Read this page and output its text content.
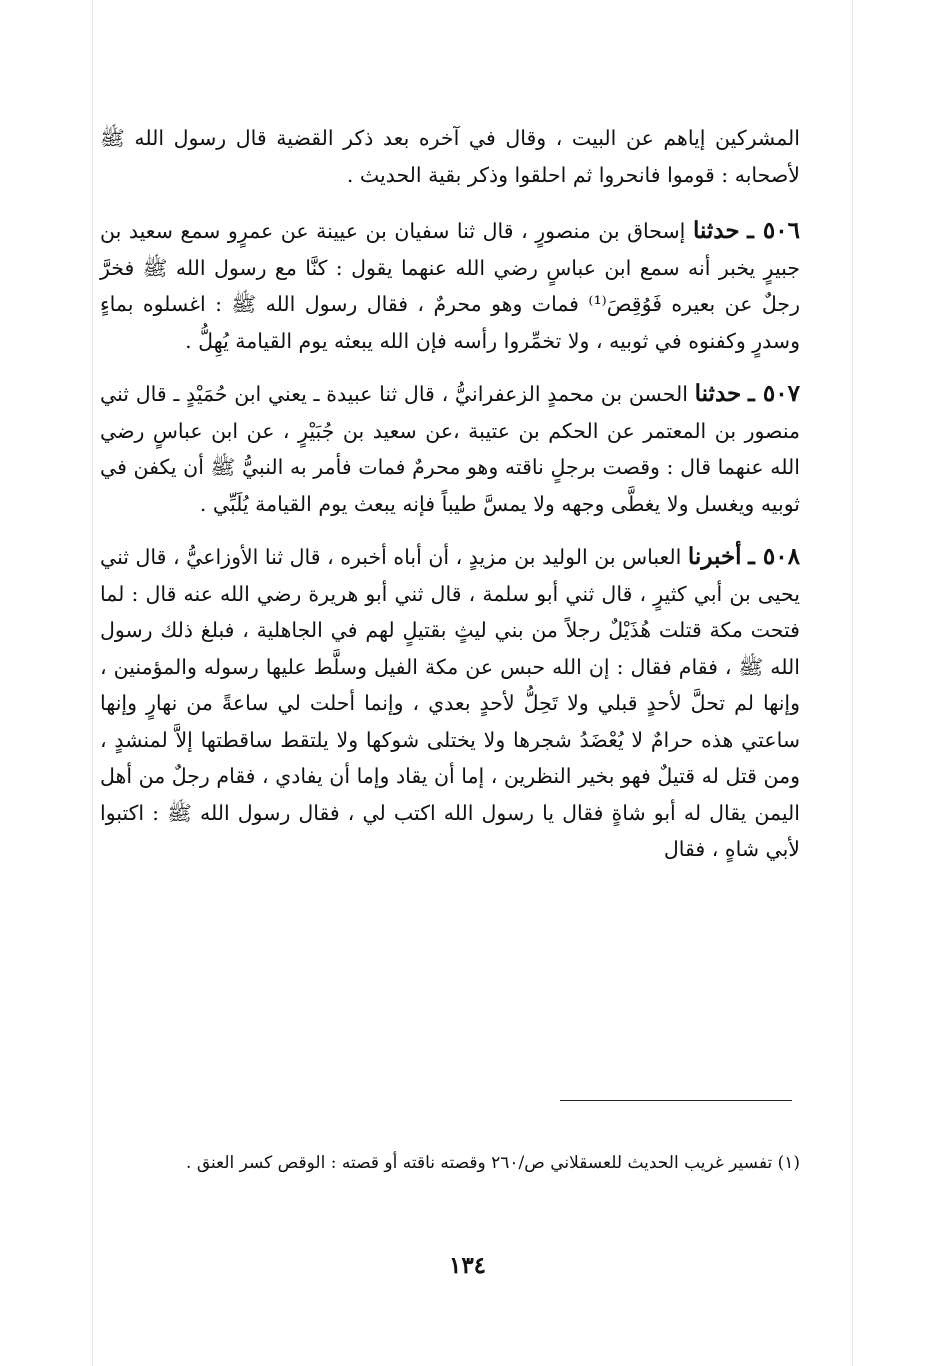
المشركين إياهم عن البيت ، وقال في آخره بعد ذكر القضية قال رسول الله ﷺ لأصحابه : قوموا فانحروا ثم احلقوا وذكر بقية الحديث .

٥٠٦ ـ حدثنا إسحاق بن منصورٍ ، قال ثنا سفيان بن عيينة عن عمرٍو سمع سعيد بن جبيرٍ يخبر أنه سمع ابن عباسٍ رضي الله عنهما يقول : كنَّا مع رسول الله ﷺ فخرَّ رجلٌ عن بعيره فَوُقِصَ⁽¹⁾ فمات وهو محرمٌ ، فقال رسول الله ﷺ : اغسلوه بماءٍ وسدرٍ وكفنوه في ثوبيه ، ولا تخمِّروا رأسه فإن الله يبعثه يوم القيامة يُهِلُّ .

٥٠٧ ـ حدثنا الحسن بن محمدٍ الزعفرانيُّ ، قال ثنا عبيدة ـ يعني ابن حُمَيْدٍ ـ قال ثني منصور بن المعتمر عن الحكم بن عتيبة ،عن سعيد بن جُبَيْرٍ ، عن ابن عباسٍ رضي الله عنهما قال : وقصت برجلٍ ناقته وهو محرمٌ فمات فأمر به النبيُّ ﷺ أن يكفن في ثوبيه ويغسل ولا يغطَّى وجهه ولا يمسَّ طيباً فإنه يبعث يوم القيامة يُلَبِّي .

٥٠٨ ـ أخبرنا العباس بن الوليد بن مزيدٍ ، أن أباه أخبره ، قال ثنا الأوزاعيُّ ، قال ثني يحيى بن أبي كثيرٍ ، قال ثني أبو سلمة ، قال ثني أبو هريرة رضي الله عنه قال : لما فتحت مكة قتلت هُذَيْلٌ رجلاً من بني ليثٍ بقتيلٍ لهم في الجاهلية ، فبلغ ذلك رسول الله ﷺ ، فقام فقال : إن الله حبس عن مكة الفيل وسلَّط عليها رسوله والمؤمنين ، وإنها لم تحلَّ لأحدٍ قبلي ولا تَحِلُّ لأحدٍ بعدي ، وإنما أحلت لي ساعةً من نهارٍ وإنها ساعتي هذه حرامٌ لا يُعْضَدُ شجرها ولا يختلى شوكها ولا يلتقط ساقطتها إلاَّ لمنشدٍ ، ومن قتل له قتيلٌ فهو بخير النظرين ، إما أن يقاد وإما أن يفادي ، فقام رجلٌ من أهل اليمن يقال له أبو شاةٍ فقال يا رسول الله اكتب لي ، فقال رسول الله ﷺ : اكتبوا لأبي شاهٍ ، فقال

(١) تفسير غريب الحديث للعسقلاني ص/٢٦٠ وقصته ناقته أو قصته : الوقص كسر العنق .
١٣٤
